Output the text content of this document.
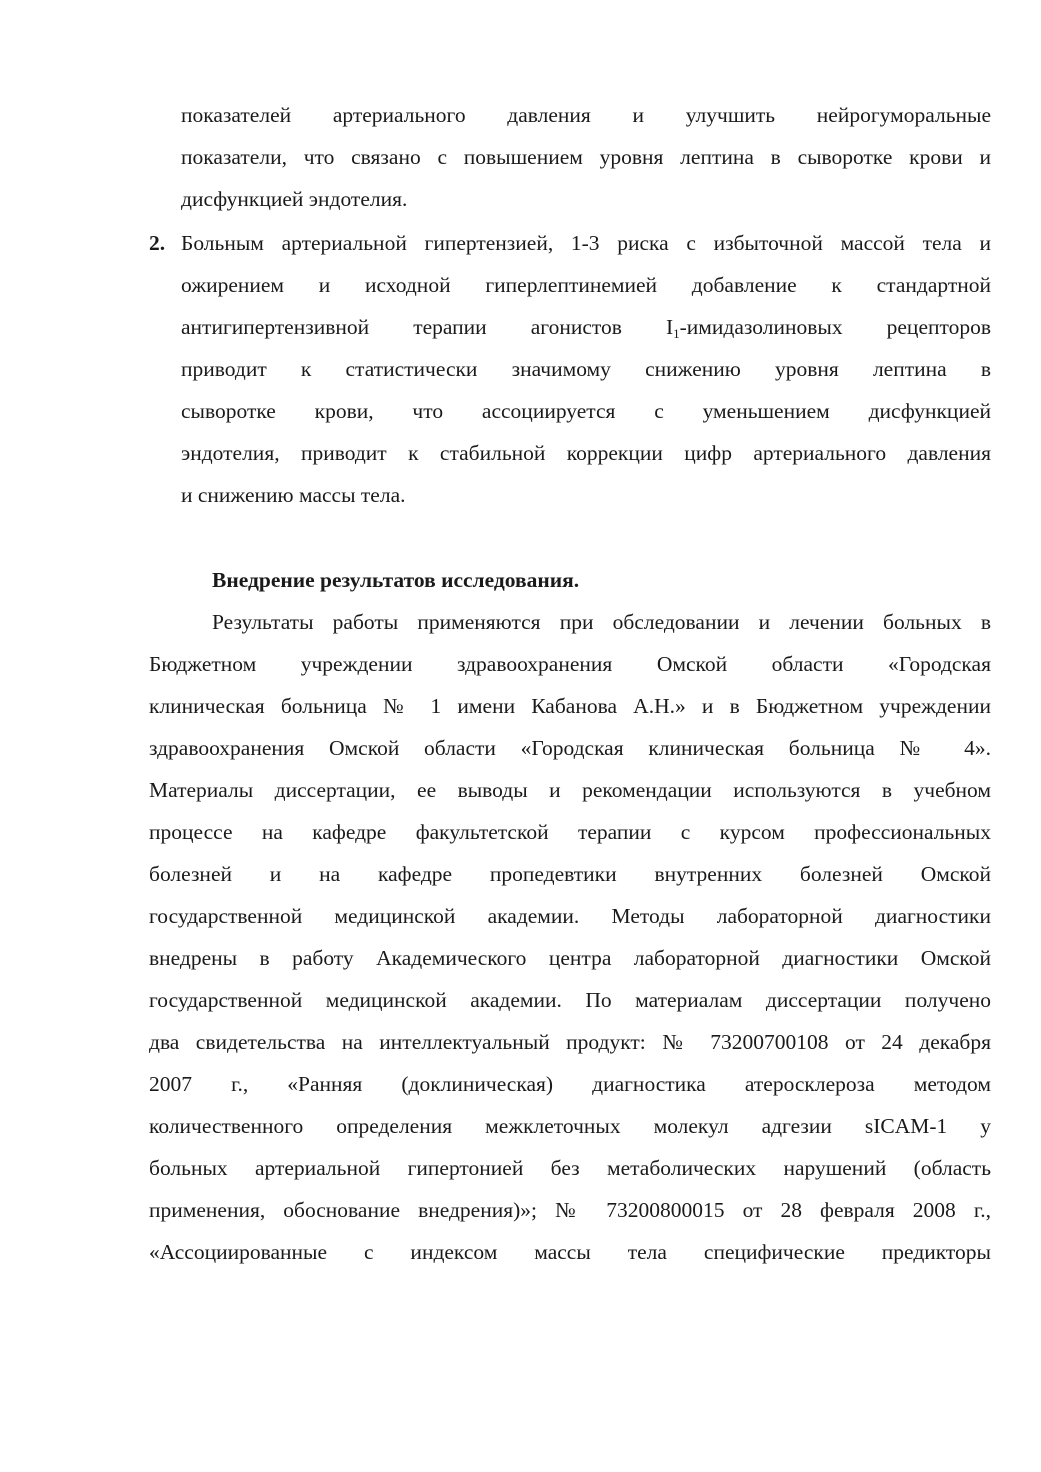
показателей артериального давления и улучшить нейрогуморальные
показатели, что связано с повышением уровня лептина в сыворотке крови и
дисфункцией эндотелия.
2. Больным артериальной гипертензией, 1-3 риска с избыточной массой тела и
ожирением и исходной гиперлептинемией добавление к стандартной
антигипертензивной терапии агонистов $I_1$-имидазолиновых рецепторов
приводит к статистически значимому снижению уровня лептина в
сыворотке крови, что ассоциируется с уменьшением дисфункцией
эндотелия, приводит к стабильной коррекции цифр артериального давления
и снижению массы тела.
Внедрение результатов исследования.
Результаты работы применяются при обследовании и лечении больных в
Бюджетном учреждении здравоохранения Омской области «Городская
клиническая больница № 1 имени Кабанова А.Н.» и в Бюджетном учреждении
здравоохранения Омской области «Городская клиническая больница № 4».
Материалы диссертации, ее выводы и рекомендации используются в учебном
процессе на кафедре факультетской терапии с курсом профессиональных
болезней и на кафедре пропедевтики внутренних болезней Омской
государственной медицинской академии. Методы лабораторной диагностики
внедрены в работу Академического центра лабораторной диагностики Омской
государственной медицинской академии. По материалам диссертации получено
два свидетельства на интеллектуальный продукт: № 73200700108 от 24 декабря
2007 г., «Ранняя (доклиническая) диагностика атеросклероза методом
количественного определения межклеточных молекул адгезии sICAM-1 у
больных артериальной гипертонией без метаболических нарушений (область
применения, обоснование внедрения)»; № 73200800015 от 28 февраля 2008 г.,
«Ассоциированные с индексом массы тела специфические предикторы
